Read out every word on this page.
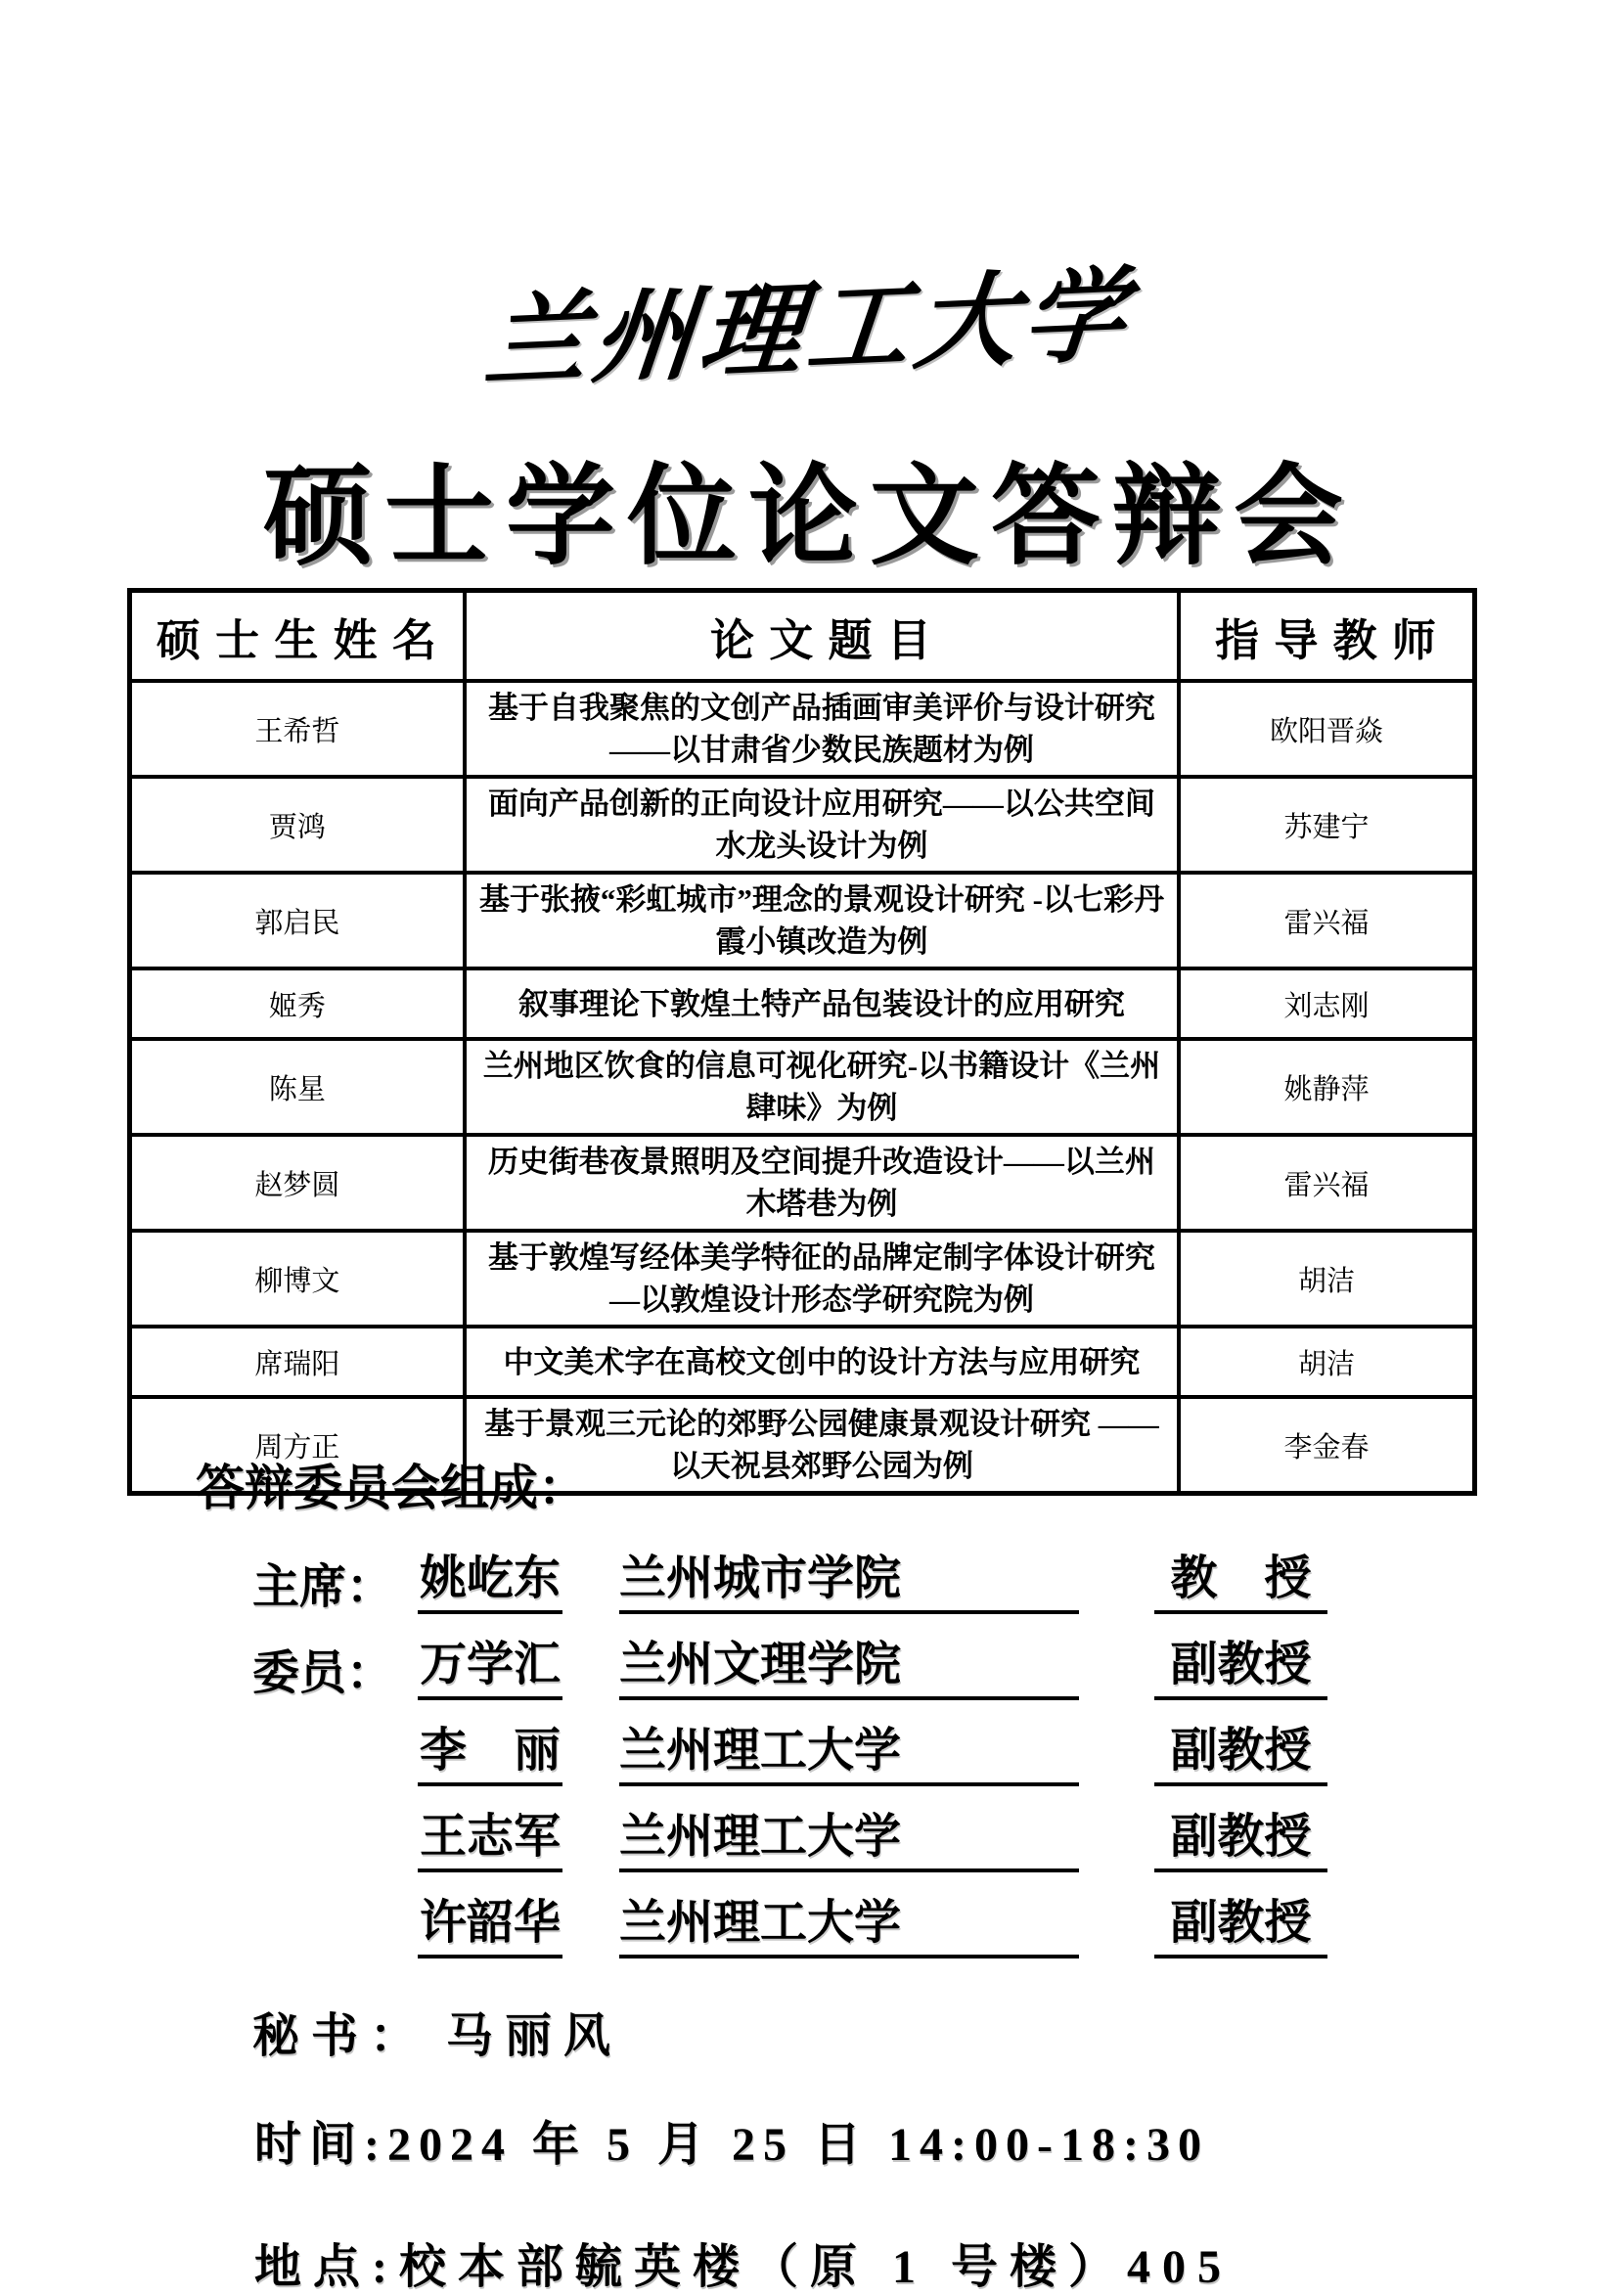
兰州理工大学
硕士学位论文答辩会
硕 士 生 姓 名	论 文 题 目	指 导 教 师
王希哲	基于自我聚焦的文创产品插画审美评价与设计研究——以甘肃省少数民族题材为例	欧阳晋焱
贾鸿	面向产品创新的正向设计应用研究——以公共空间水龙头设计为例	苏建宁
郭启民	基于张掖“彩虹城市”理念的景观设计研究 -以七彩丹霞小镇改造为例	雷兴福
姬秀	叙事理论下敦煌土特产品包装设计的应用研究	刘志刚
陈星	兰州地区饮食的信息可视化研究-以书籍设计《兰州肆味》为例	姚静萍
赵梦圆	历史街巷夜景照明及空间提升改造设计——以兰州木塔巷为例	雷兴福
柳博文	基于敦煌写经体美学特征的品牌定制字体设计研究—以敦煌设计形态学研究院为例	胡洁
席瑞阳	中文美术字在高校文创中的设计方法与应用研究	胡洁
周方正	基于景观三元论的郊野公园健康景观设计研究 ——以天祝县郊野公园为例	李金春
答辩委员会组成：
主席： 姚屹东 兰州城市学院	教　授
委员： 万学汇 兰州文理学院	副教授
李　丽 兰州理工大学	副教授
王志军 兰州理工大学	副教授
许韶华 兰州理工大学	副教授
秘书： 马丽风
时间:2024 年 5 月 25 日 14:00-18:30
地点:校本部毓英楼（原 1 号楼）405
